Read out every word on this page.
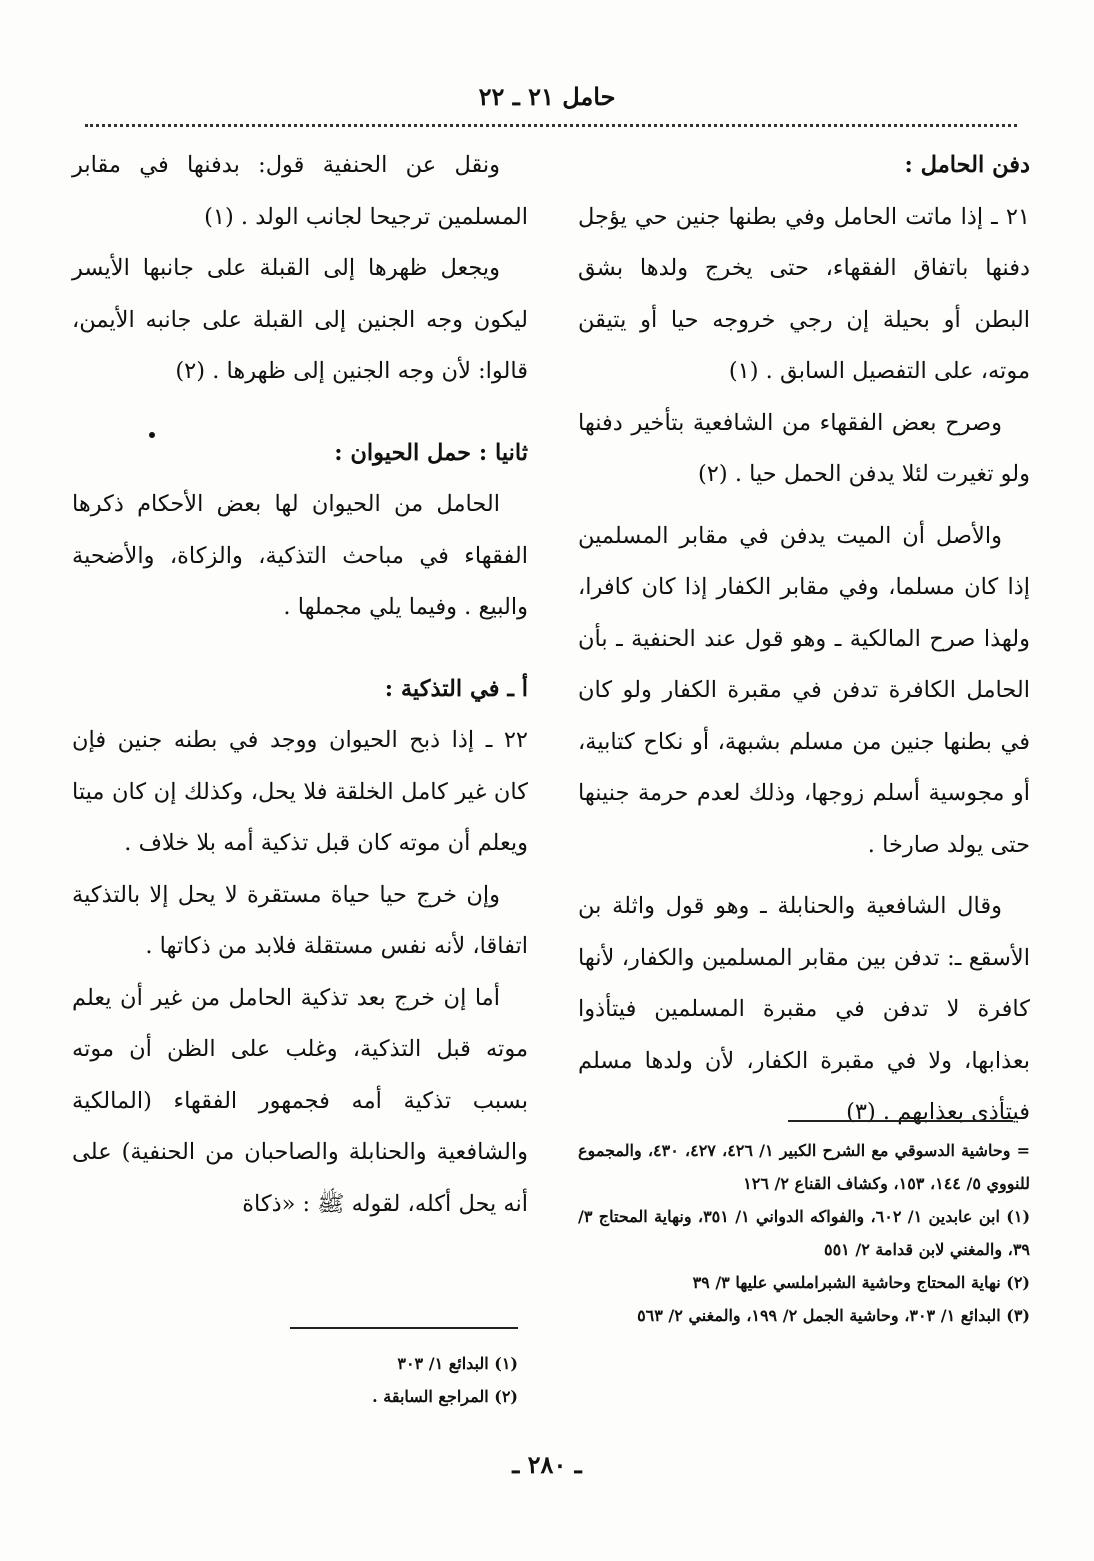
حامل ٢١ ـ ٢٢

دفن الحامل :

٢١ ـ إذا ماتت الحامل وفي بطنها جنين حي يؤجل دفنها باتفاق الفقهاء، حتى يخرج ولدها بشق البطن أو بحيلة إن رجي خروجه حيا أو يتيقن موته، على التفصيل السابق . (١)

وصرح بعض الفقهاء من الشافعية بتأخير دفنها ولو تغيرت لئلا يدفن الحمل حيا . (٢)

والأصل أن الميت يدفن في مقابر المسلمين إذا كان مسلما، وفي مقابر الكفار إذا كان كافرا، ولهذا صرح المالكية ـ وهو قول عند الحنفية ـ بأن الحامل الكافرة تدفن في مقبرة الكفار ولو كان في بطنها جنين من مسلم بشبهة، أو نكاح كتابية، أو مجوسية أسلم زوجها، وذلك لعدم حرمة جنينها حتى يولد صارخا .

وقال الشافعية والحنابلة ـ وهو قول واثلة بن الأسقع ـ: تدفن بين مقابر المسلمين والكفار، لأنها كافرة لا تدفن في مقبرة المسلمين فيتأذوا بعذابها، ولا في مقبرة الكفار، لأن ولدها مسلم فيتأذى بعذابهم . (٣)

ونقل عن الحنفية قول: بدفنها في مقابر المسلمين ترجيحا لجانب الولد . (١)

ويجعل ظهرها إلى القبلة على جانبها الأيسر ليكون وجه الجنين إلى القبلة على جانبه الأيمن، قالوا: لأن وجه الجنين إلى ظهرها . (٢)

ثانيا : حمل الحيوان :

الحامل من الحيوان لها بعض الأحكام ذكرها الفقهاء في مباحث التذكية، والزكاة، والأضحية والبيع . وفيما يلي مجملها .

أ ـ في التذكية :

٢٢ ـ إذا ذبح الحيوان ووجد في بطنه جنين فإن كان غير كامل الخلقة فلا يحل، وكذلك إن كان ميتا ويعلم أن موته كان قبل تذكية أمه بلا خلاف .

وإن خرج حيا حياة مستقرة لا يحل إلا بالتذكية اتفاقا، لأنه نفس مستقلة فلابد من ذكاتها .

أما إن خرج بعد تذكية الحامل من غير أن يعلم موته قبل التذكية، وغلب على الظن أن موته بسبب تذكية أمه فجمهور الفقهاء (المالكية والشافعية والحنابلة والصاحبان من الحنفية) على أنه يحل أكله، لقوله ﷺ : «ذكاة

= وحاشية الدسوقي مع الشرح الكبير ١/ ٤٢٦، ٤٢٧، ٤٣٠، والمجموع للنووي ٥/ ١٤٤، ١٥٣، وكشاف القناع ٢/ ١٢٦

(١) ابن عابدين ١/ ٦٠٢، والفواكه الدواني ١/ ٣٥١، ونهاية المحتاج ٣/ ٣٩، والمغني لابن قدامة ٢/ ٥٥١

(٢) نهاية المحتاج وحاشية الشبراملسي عليها ٣/ ٣٩

(٣) البدائع ١/ ٣٠٣، وحاشية الجمل ٢/ ١٩٩، والمغني ٢/ ٥٦٣

(١) البدائع ١/ ٣٠٣

(٢) المراجع السابقة .

ـ ٢٨٠ ـ
